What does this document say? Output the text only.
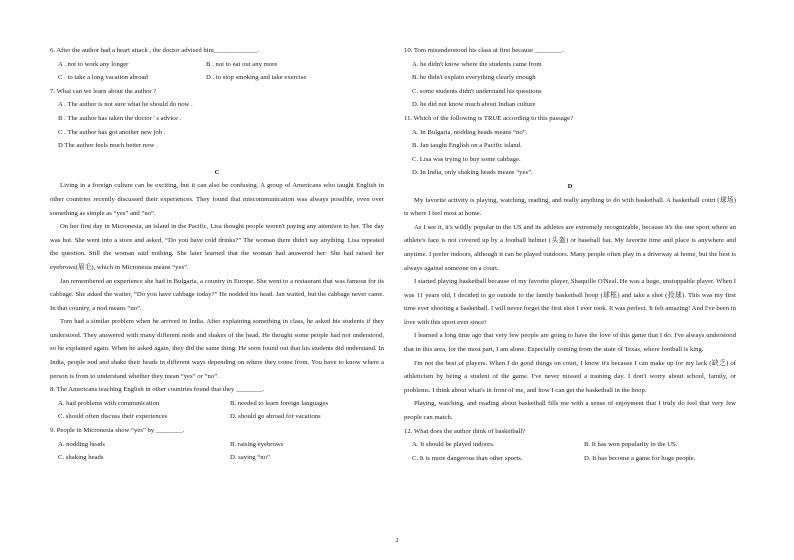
6. After the author had a heart attack , the doctor advised him_____________.
A . not to work any longer	B . not to eat out any more
C . to take a long vacation abroad	D . to stop smoking and take exercise
7. What can we learn about the author ?
A . The author is not sure what he should do now .
B . The author has taken the doctor ' s advice .
C . The author has got another new job .
D The author feels much better now .
C
Living in a foreign culture can be exciting, but it can also be confusing. A group of Americans who taught English in other countries recently discussed their experiences. They found that miscommunication was always possible, even over something as simple as “yes” and “no”.
On her first day in Micronesia, an island in the Pacific, Lisa thought people weren't paying any attention to her. The day was hot. She went into a store and asked, “Do you have cold drinks?” The woman there didn't say anything. Lisa repeated the question. Still the woman said nothing. She later learned that the woman had answered her: She had raised her eyebrows(眉毛), which in Micronesia means “yes”.
Jan remembered an experience she had in Bulgaria, a country in Europe. She went to a restaurant that was famous for its cabbage. She asked the waiter, “Do you have cabbage today?” He nodded his head. Jan waited, but the cabbage never came. In that country, a nod means “no”.
Tom had a similar problem when he arrived in India. After explaining something in class, he asked his students if they understood. They answered with many different nods and shakes of the head. He thought some people had not understood, so he explained again. When he asked again, they did the same thing. He soon found out that his students did understand. In India, people nod and shake their heads in different ways depending on where they come from. You have to know where a person is from to understand whether they mean “yes” or “no”.
8. The Americans teaching English in other countries found that they ________.
A. had problems with communication	B. needed to learn foreign languages
C. should often discuss their experiences	D. should go abroad for vacations
9. People in Micronesia show “yes” by ________.
A. nodding heads	B. raising eyebrows
C. shaking heads	D. saying “no”
10. Tom misunderstood his class at first because ________.
A. he didn't know where the students came from
B. he didn't explain everything clearly enough
C. some students didn't understand his questions
D. he did not know much about Indian culture
11. Which of the following is TRUE according to this passage?
A. In Bulgaria, nodding heads means “no”.
B. Jan taught English on a Pacific island.
C. Lisa was trying to buy some cabbage.
D. In India, only shaking heads means “yes”.
D
My favorite activity is playing, watching, reading, and really anything to do with basketball. A basketball court (球场) is where I feel most at home.
As I see it, it's wildly popular in the US and its athletes are extremely recognizable, because it's the one sport where an athlete's face is not covered up by a football helmet (头盔) or baseball hat. My favorite time and place is anywhere and anytime. I prefer indoors, although it can be played outdoors. Many people often play in a driveway at home, but the best is always against someone on a court.
I started playing basketball because of my favorite player, Shaquille O'Neal. He was a huge, unstoppable player. When I was 11 years old, I decided to go outside to the family basketball hoop (球框) and take a shot (投球). This was my first time ever shooting a basketball. I will never forget the first shot I ever took. It was perfect. It felt amazing! And I've been in love with this sport ever since!
I learned a long time ago that very few people are going to have the love of this game that I do. I've always understood that in this area, for the most part, I am alone. Especially coming from the state of Texas, where football is king.
I'm not the best of players. When I do good things on court, I know it's because I can make up for my lack (缺乏) of athleticism by being a student of the game. I've never missed a training day. I don't worry about school, family, or problems. I think about what's in front of me, and how I can get the basketball in the hoop.
Playing, watching, and reading about basketball fills me with a sense of enjoyment that I truly do feel that very few people can match.
12. What does the author think of basketball?
A. It should be played indoors.	B. It has won popularity in the US.
C. It is more dangerous than other sports.	D. It has become a game for huge people.
2
